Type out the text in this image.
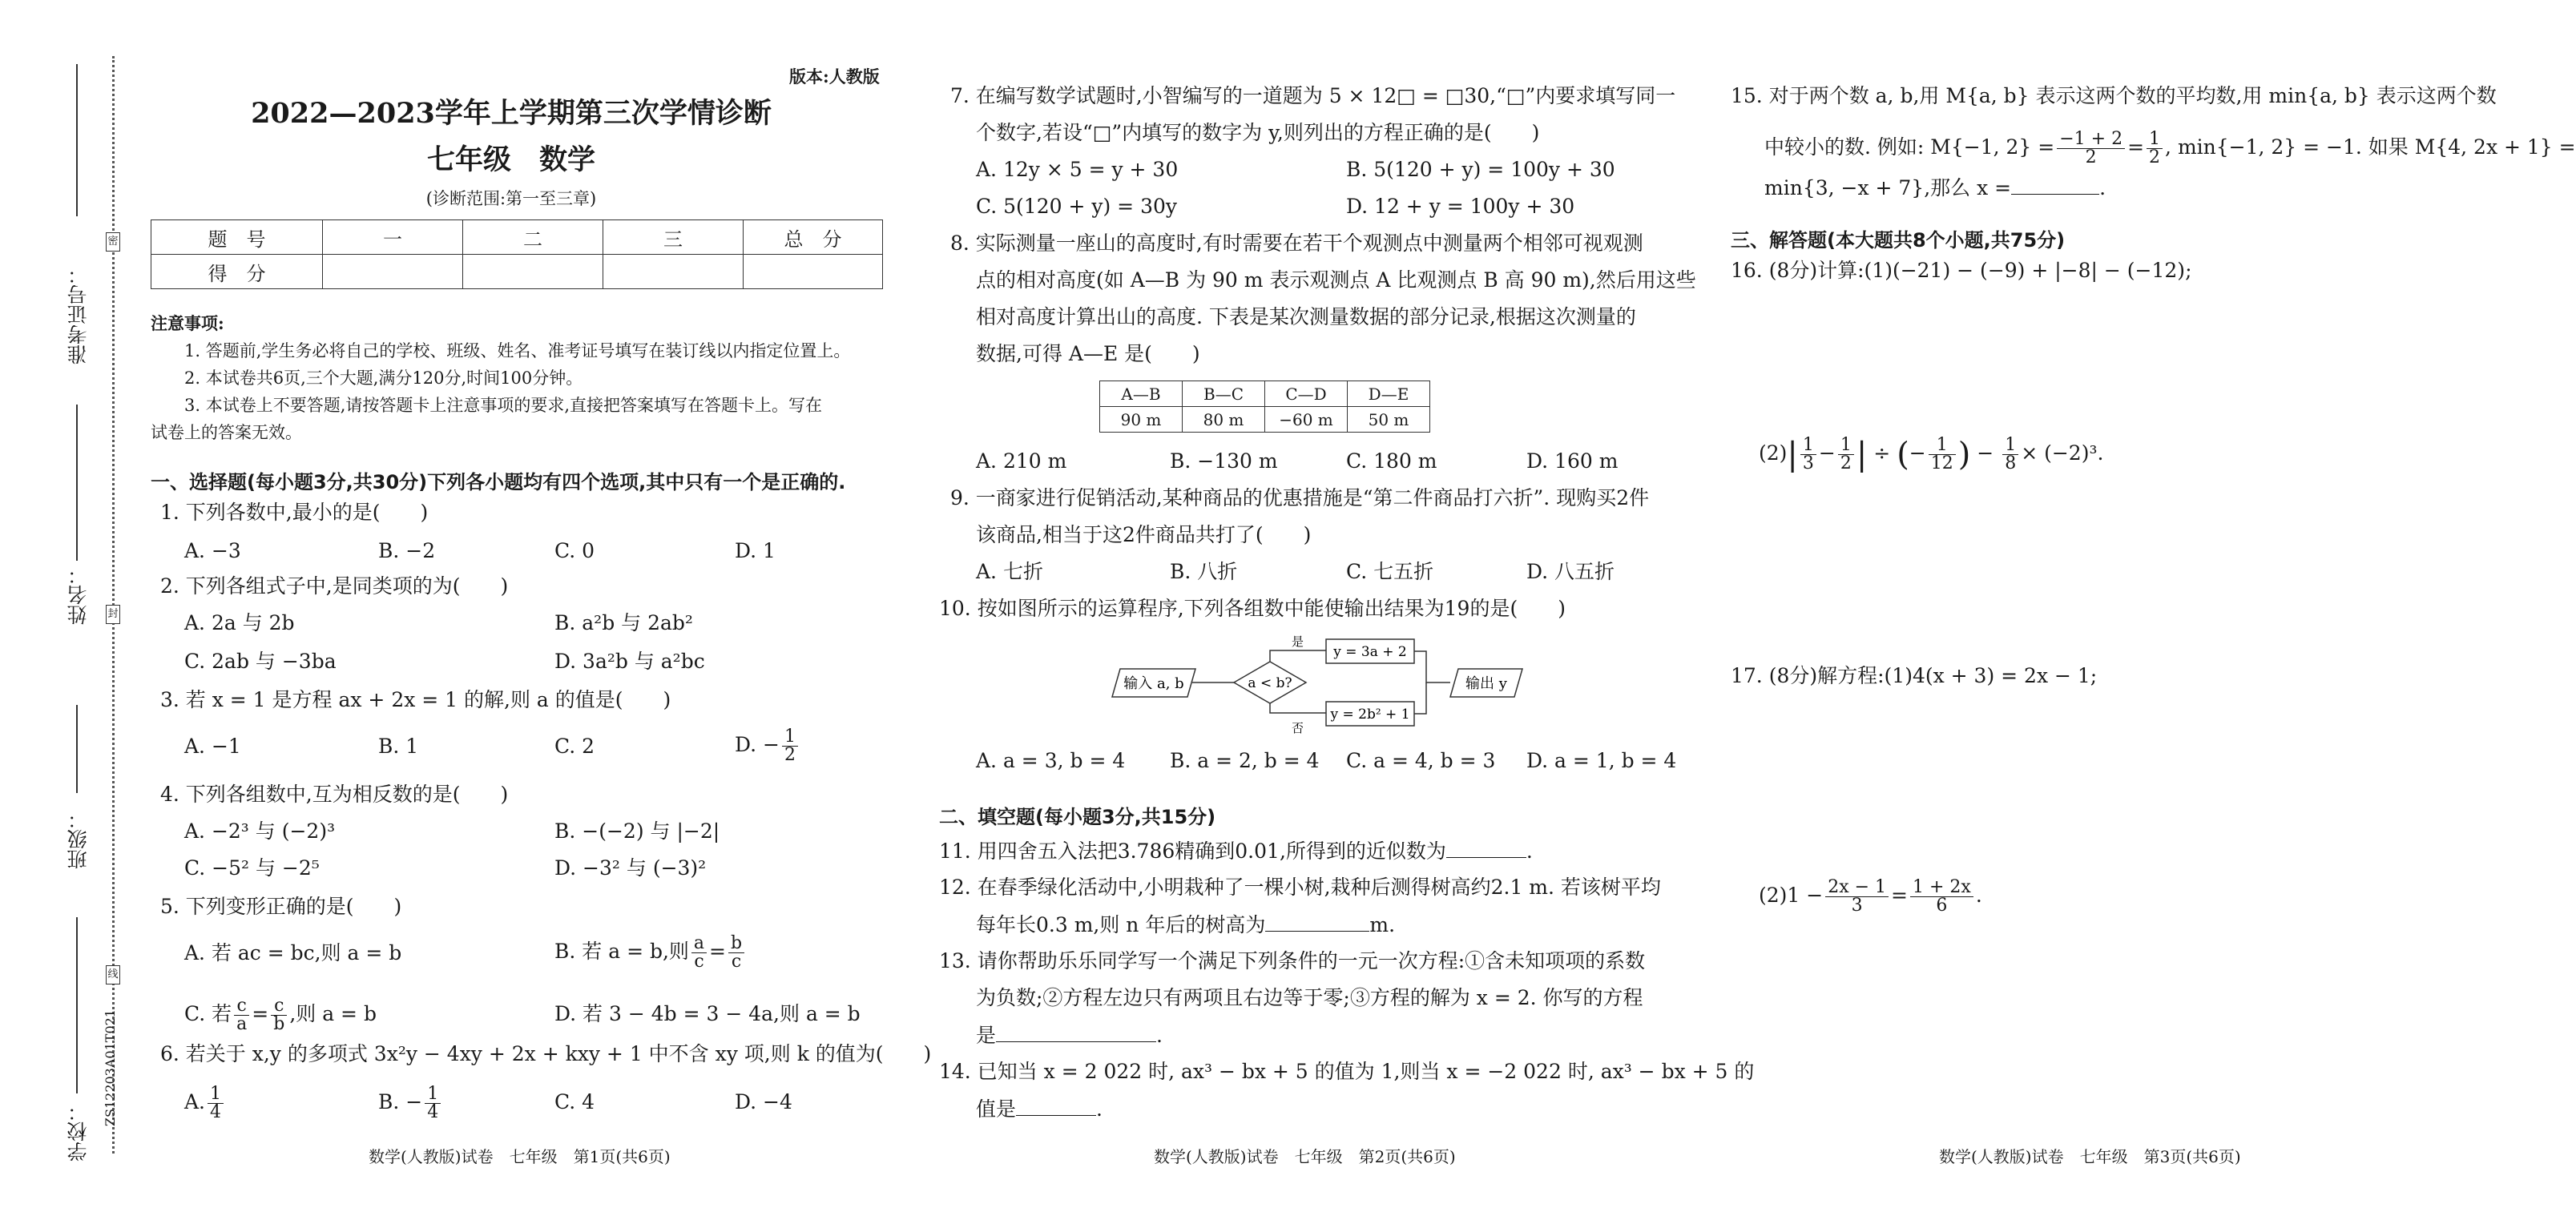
准考证号：
姓名：
班级：
学校：
密
封
线
ZS12203A01T021
版本:人教版
2022—2023学年上学期第三次学情诊断
七年级　数学
(诊断范围:第一至三章)
题　号	一	二	三	总　分
得　分				
注意事项:
1. 答题前,学生务必将自己的学校、班级、姓名、准考证号填写在装订线以内指定位置上。
2. 本试卷共6页,三个大题,满分120分,时间100分钟。
3. 本试卷上不要答题,请按答题卡上注意事项的要求,直接把答案填写在答题卡上。写在
试卷上的答案无效。
一、选择题(每小题3分,共30分)下列各小题均有四个选项,其中只有一个是正确的.
1. 下列各数中,最小的是(　　)
A. −3	B. −2	C. 0	D. 1
2. 下列各组式子中,是同类项的为(　　)
A. 2a 与 2b	B. a²b 与 2ab²
C. 2ab 与 −3ba	D. 3a²b 与 a²bc
3. 若 x = 1 是方程 ax + 2x = 1 的解,则 a 的值是(　　)
A. −1	B. 1	C. 2	D. − $\frac{1}{2}$
4. 下列各组数中,互为相反数的是(　　)
A. −2³ 与 (−2)³	B. −(−2) 与 |−2|
C. −5² 与 −2⁵	D. −3² 与 (−3)²
5. 下列变形正确的是(　　)
A. 若 ac = bc,则 a = b	B. 若 a = b,则 $\frac{a}{c} = \frac{b}{c}$
C. 若 $\frac{c}{a} = \frac{c}{b}$ ,则 a = b	D. 若 3 − 4b = 3 − 4a,则 a = b
6. 若关于 x,y 的多项式 3x²y − 4xy + 2x + kxy + 1 中不含 xy 项,则 k 的值为(　　)
A. $\frac{1}{4}$	B. − $\frac{1}{4}$	C. 4	D. −4
数学(人教版)试卷　七年级　第1页(共6页)
7. 在编写数学试题时,小智编写的一道题为 5 × 12□ = □30,“□”内要求填写同一
个数字,若设“□”内填写的数字为 y,则列出的方程正确的是(　　)
A. 12y × 5 = y + 30	B. 5(120 + y) = 100y + 30
C. 5(120 + y) = 30y	D. 12 + y = 100y + 30
8. 实际测量一座山的高度时,有时需要在若干个观测点中测量两个相邻可视观测
点的相对高度(如 A—B 为 90 m 表示观测点 A 比观测点 B 高 90 m),然后用这些
相对高度计算出山的高度. 下表是某次测量数据的部分记录,根据这次测量的
数据,可得 A—E 是(　　)
A—B	B—C	C—D	D—E
90 m	80 m	−60 m	50 m
A. 210 m	B. −130 m	C. 180 m	D. 160 m
9. 一商家进行促销活动,某种商品的优惠措施是“第二件商品打六折”. 现购买2件
该商品,相当于这2件商品共打了(　　)
A. 七折	B. 八折	C. 七五折	D. 八五折
10. 按如图所示的运算程序,下列各组数中能使输出结果为19的是(　　)
输入 a, b	a < b?
是
否
y = 3a + 2
y = 2b² + 1
输出 y
A. a = 3, b = 4 B. a = 2, b = 4 C. a = 4, b = 3 D. a = 1, b = 4
二、填空题(每小题3分,共15分)
11. 用四舍五入法把3.786精确到0.01,所得到的近似数为	.
12. 在春季绿化活动中,小明栽种了一棵小树,栽种后测得树高约2.1 m. 若该树平均
每年长0.3 m,则 n 年后的树高为	m.
13. 请你帮助乐乐同学写一个满足下列条件的一元一次方程:①含未知项项的系数
为负数;②方程左边只有两项且右边等于零;③方程的解为 x = 2. 你写的方程
是	.
14. 已知当 x = 2 022 时, ax³ − bx + 5 的值为 1,则当 x = −2 022 时, ax³ − bx + 5 的
值是	.
数学(人教版)试卷　七年级　第2页(共6页)
15. 对于两个数 a, b,用 M{a, b} 表示这两个数的平均数,用 min{a, b} 表示这两个数
中较小的数. 例如: M{−1, $2\} = \frac{-1 + 2}{2} = \frac{1}{2}$ , min{−1, 2} = −1. 如果 M{4, 2x + 1} =
min{3, −x + 7},那么 x =	.
三、解答题(本大题共8个小题,共75分)
16. (8分)计算:(1)(−21) − (−9) + |−8| − (−12);
$(2)| \frac{1}{3} - \frac{1}{2}$ | ÷ (− $\frac{1}{12}$ ) − $\frac{1}{8} \times (-2)^3$.
17. (8分)解方程:(1)4(x + 3) = 2x − 1;
$(2)1 - \frac{2x - 1}{3} = \frac{1 + 2x}{6}$ .
数学(人教版)试卷　七年级　第3页(共6页)
